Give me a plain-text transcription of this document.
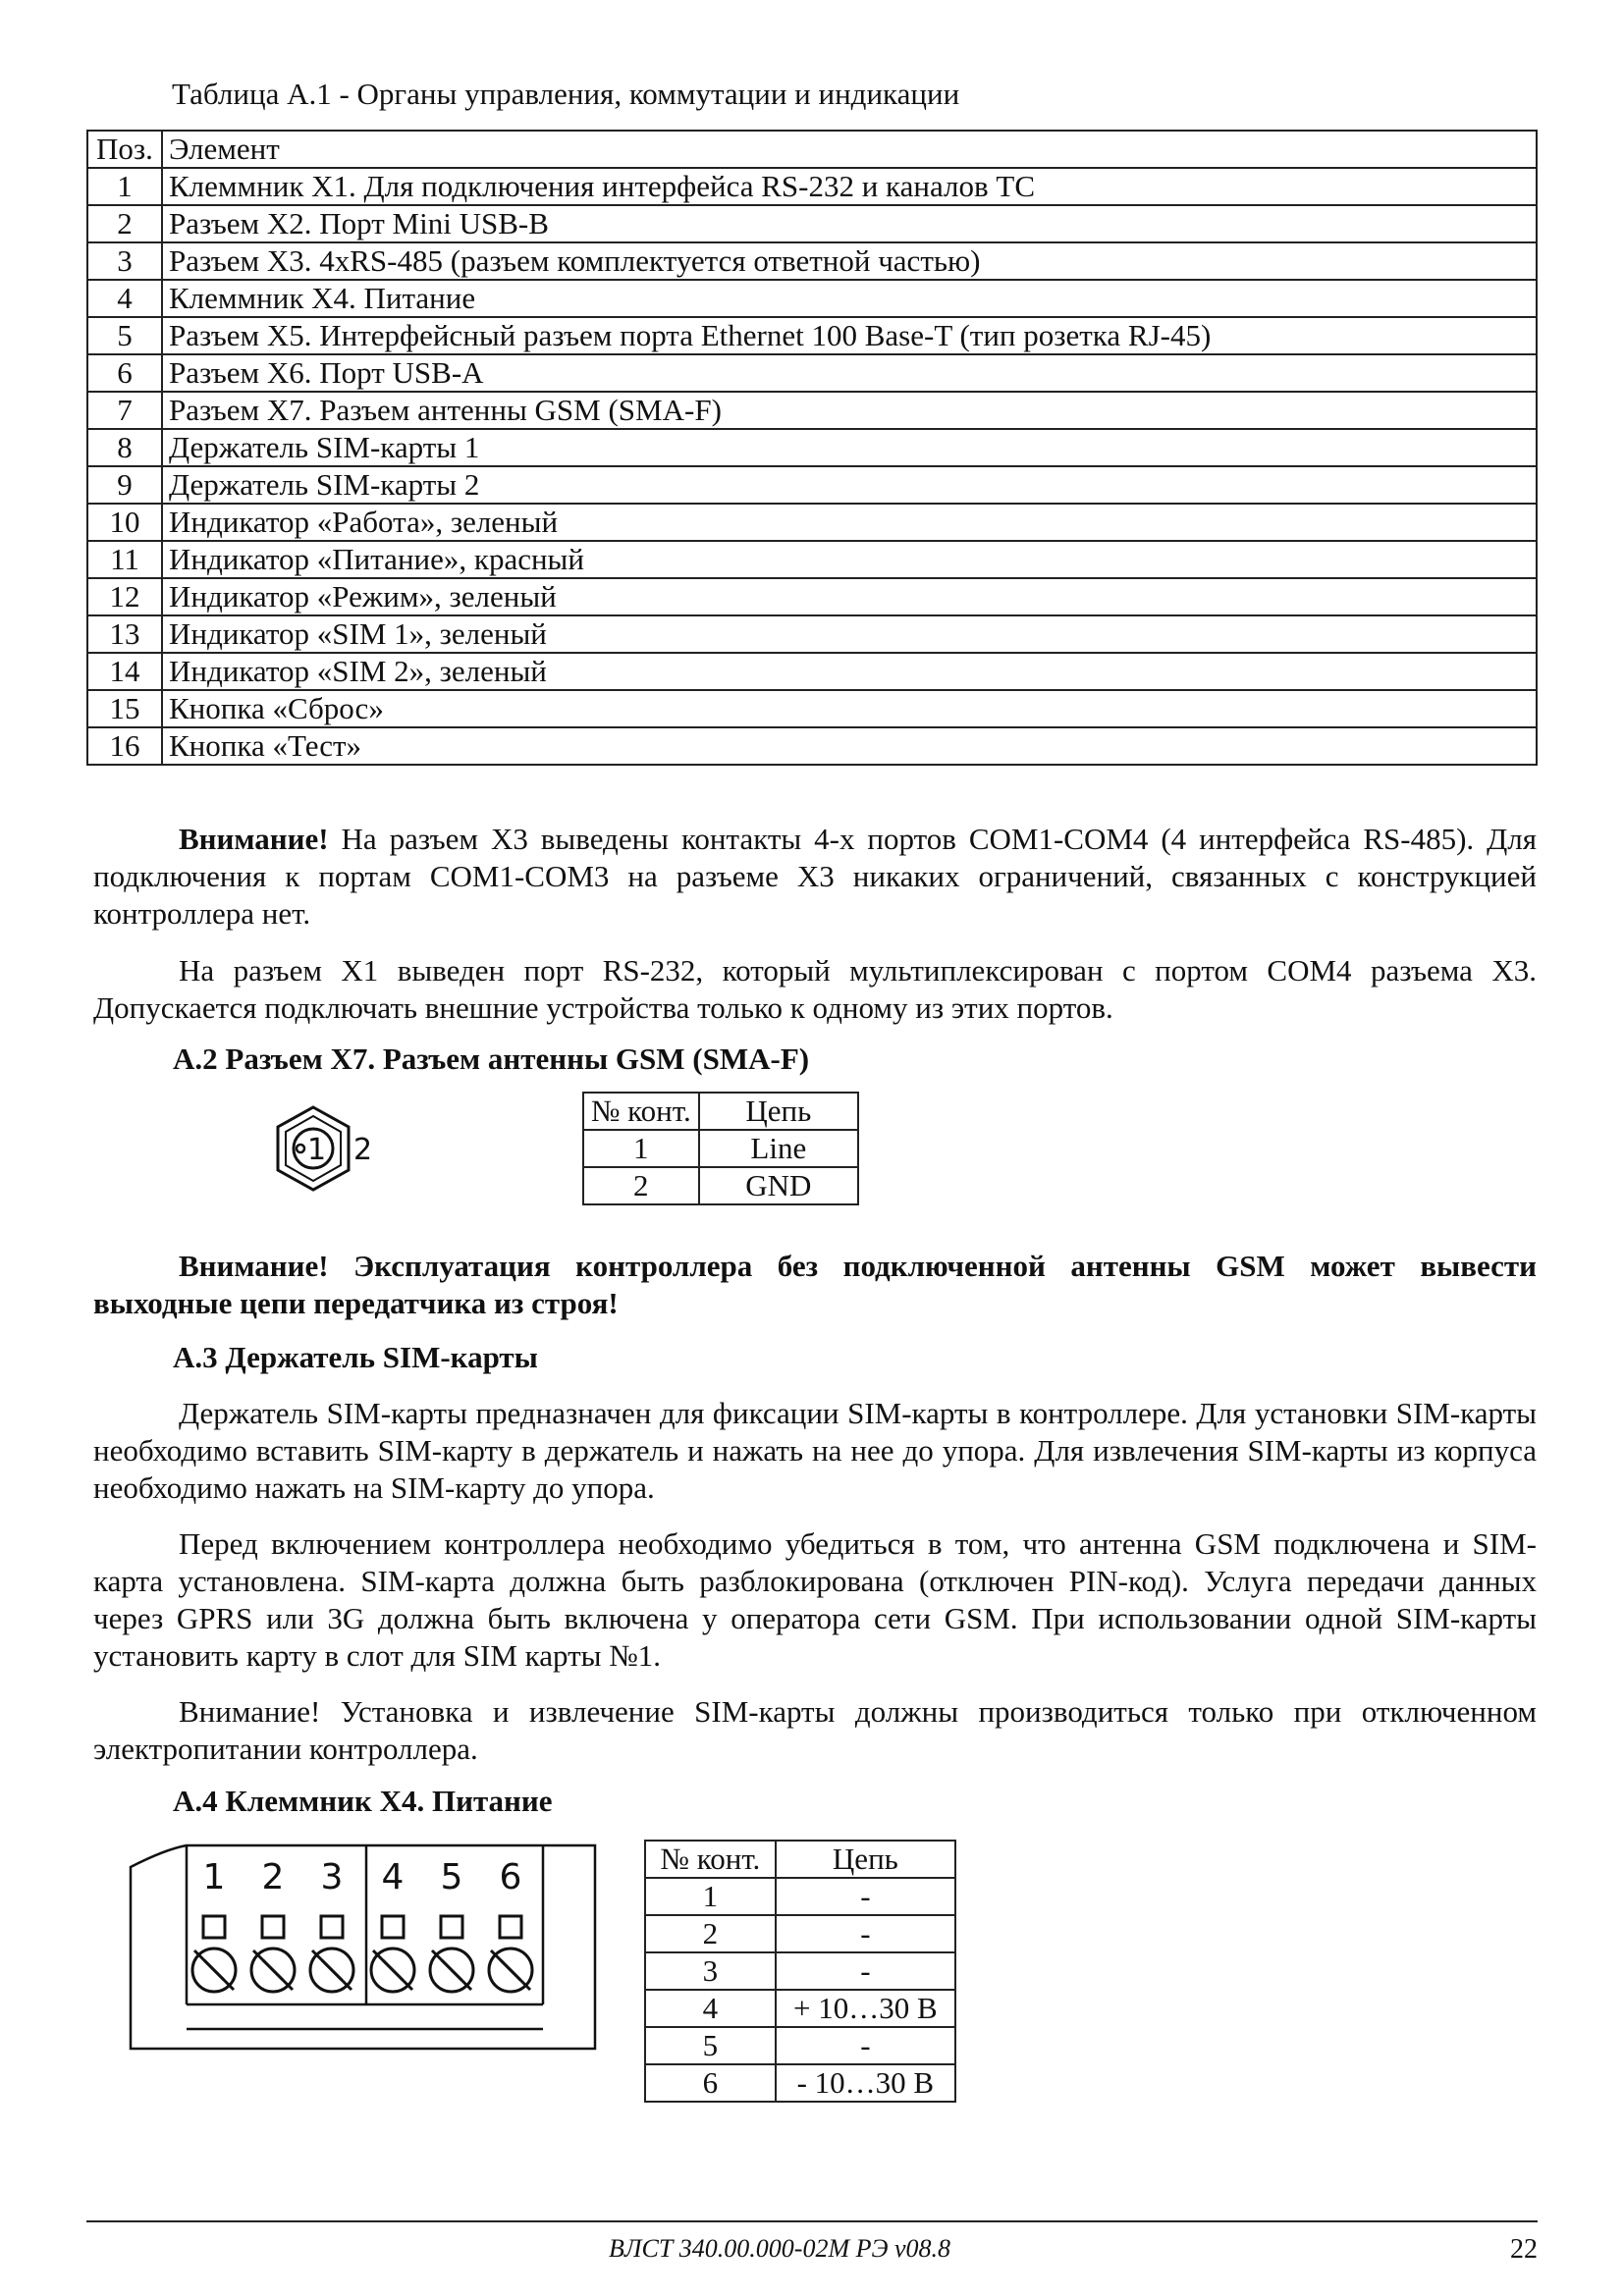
Таблица А.1 - Органы управления, коммутации и индикации
Поз.	Элемент
1	Клеммник Х1. Для подключения интерфейса RS-232 и каналов ТС
2	Разъем Х2. Порт Mini USB-B
3	Разъем Х3. 4хRS-485 (разъем комплектуется ответной частью)
4	Клеммник Х4. Питание
5	Разъем Х5. Интерфейсный разъем порта Ethernet 100 Base-T (тип розетка RJ-45)
6	Разъем Х6. Порт USB-A
7	Разъем Х7. Разъем антенны GSM (SMA-F)
8	Держатель SIM-карты 1
9	Держатель SIM-карты 2
10	Индикатор «Работа», зеленый
11	Индикатор «Питание», красный
12	Индикатор «Режим», зеленый
13	Индикатор «SIM 1», зеленый
14	Индикатор «SIM 2», зеленый
15	Кнопка «Сброс»
16	Кнопка «Тест»

Внимание! На разъем Х3 выведены контакты 4-х портов COM1-COM4 (4 интерфейса RS-485). Для подключения к портам COM1-COM3 на разъеме Х3 никаких ограничений, связанных с конструкцией контроллера нет.

На разъем Х1 выведен порт RS-232, который мультиплексирован с портом COM4 разъема Х3. Допускается подключать внешние устройства только к одному из этих портов.

А.2 Разъем Х7. Разъем антенны GSM (SMA-F)
1 2
№ конт.	Цепь
1	Line
2	GND

Внимание! Эксплуатация контроллера без подключенной антенны GSM может вывести выходные цепи передатчика из строя!

А.3 Держатель SIM-карты

Держатель SIM-карты предназначен для фиксации SIM-карты в контроллере. Для установки SIM-карты необходимо вставить SIM-карту в держатель и нажать на нее до упора. Для извлечения SIM-карты из корпуса необходимо нажать на SIM-карту до упора.

Перед включением контроллера необходимо убедиться в том, что антенна GSM подключена и SIM-карта установлена. SIM-карта должна быть разблокирована (отключен PIN-код). Услуга передачи данных через GPRS или 3G должна быть включена у оператора сети GSM. При использовании одной SIM-карты установить карту в слот для SIM карты №1.

Внимание! Установка и извлечение SIM-карты должны производиться только при отключенном электропитании контроллера.

А.4 Клеммник Х4. Питание
1 2 3 4 5 6	№ конт.	Цепь
1	-
2	-
3	-
4	+ 10…30 В
5	-
6	- 10…30 В
ВЛСТ 340.00.000-02М РЭ v08.8	22
